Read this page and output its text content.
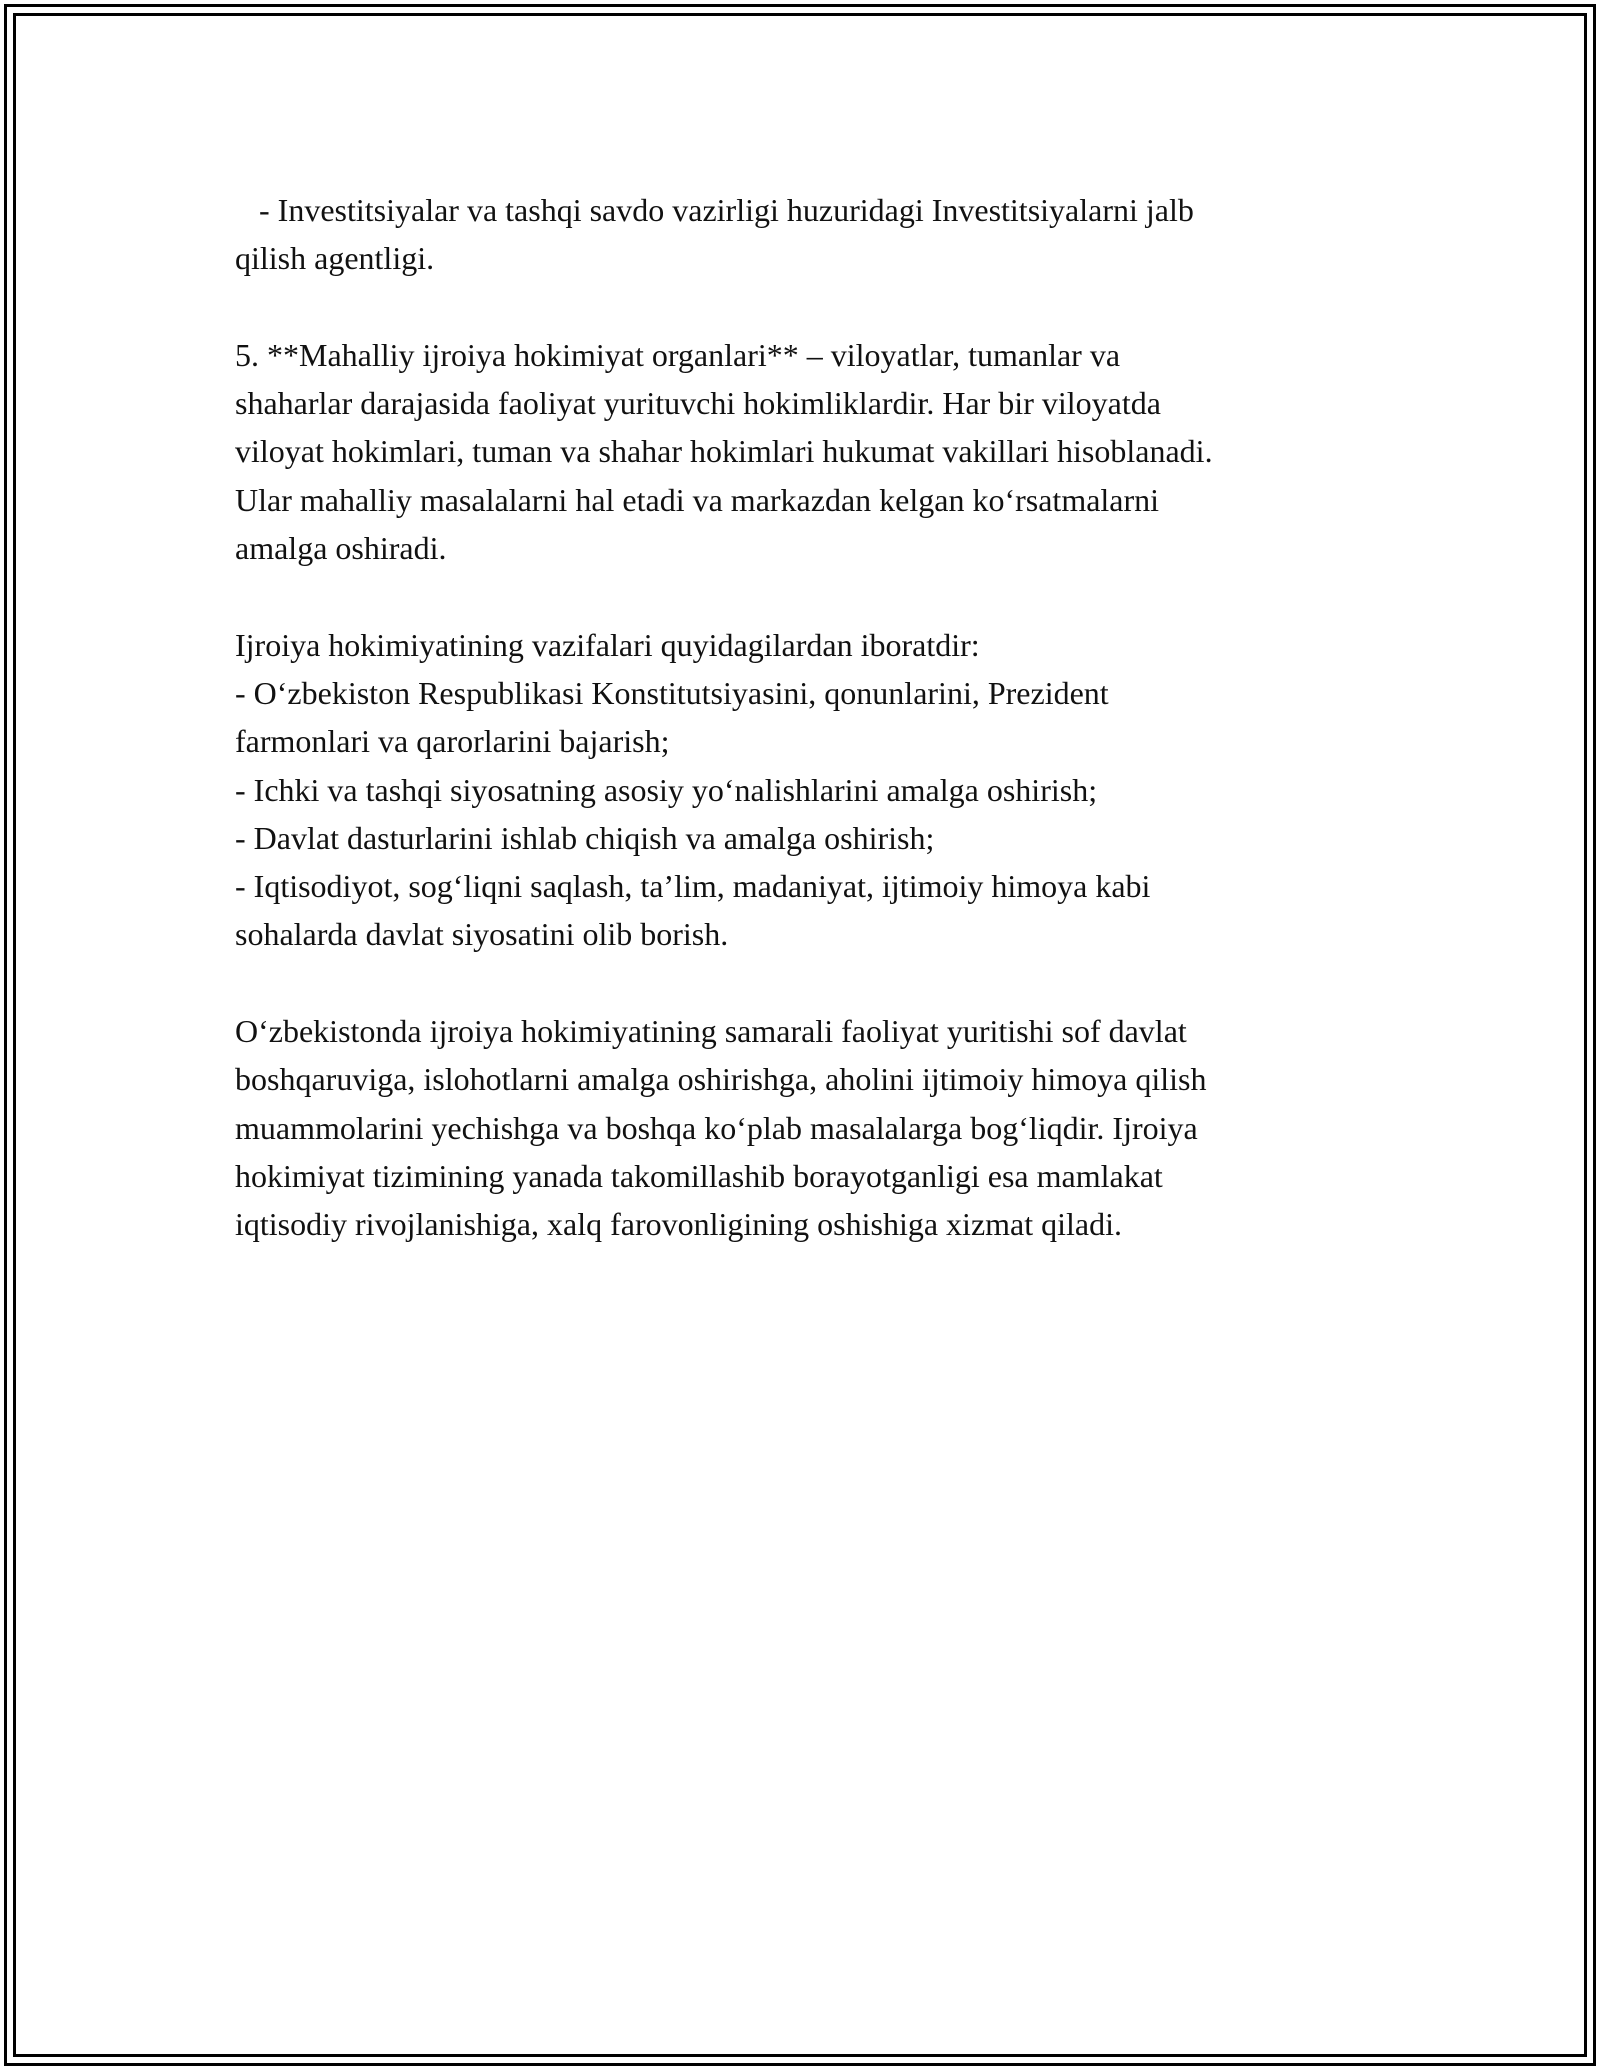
- Investitsiyalar va tashqi savdo vazirligi huzuridagi Investitsiyalarni jalb
qilish agentligi.
5. **Mahalliy ijroiya hokimiyat organlari** – viloyatlar, tumanlar va
shaharlar darajasida faoliyat yurituvchi hokimliklardir. Har bir viloyatda
viloyat hokimlari, tuman va shahar hokimlari hukumat vakillari hisoblanadi.
Ular mahalliy masalalarni hal etadi va markazdan kelgan ko‘rsatmalarni
amalga oshiradi.
Ijroiya hokimiyatining vazifalari quyidagilardan iboratdir:
- O‘zbekiston Respublikasi Konstitutsiyasini, qonunlarini, Prezident
farmonlari va qarorlarini bajarish;
- Ichki va tashqi siyosatning asosiy yo‘nalishlarini amalga oshirish;
- Davlat dasturlarini ishlab chiqish va amalga oshirish;
- Iqtisodiyot, sog‘liqni saqlash, ta’lim, madaniyat, ijtimoiy himoya kabi
sohalarda davlat siyosatini olib borish.
O‘zbekistonda ijroiya hokimiyatining samarali faoliyat yuritishi sof davlat
boshqaruviga, islohotlarni amalga oshirishga, aholini ijtimoiy himoya qilish
muammolarini yechishga va boshqa ko‘plab masalalarga bog‘liqdir. Ijroiya
hokimiyat tizimining yanada takomillashib borayotganligi esa mamlakat
iqtisodiy rivojlanishiga, xalq farovonligining oshishiga xizmat qiladi.
